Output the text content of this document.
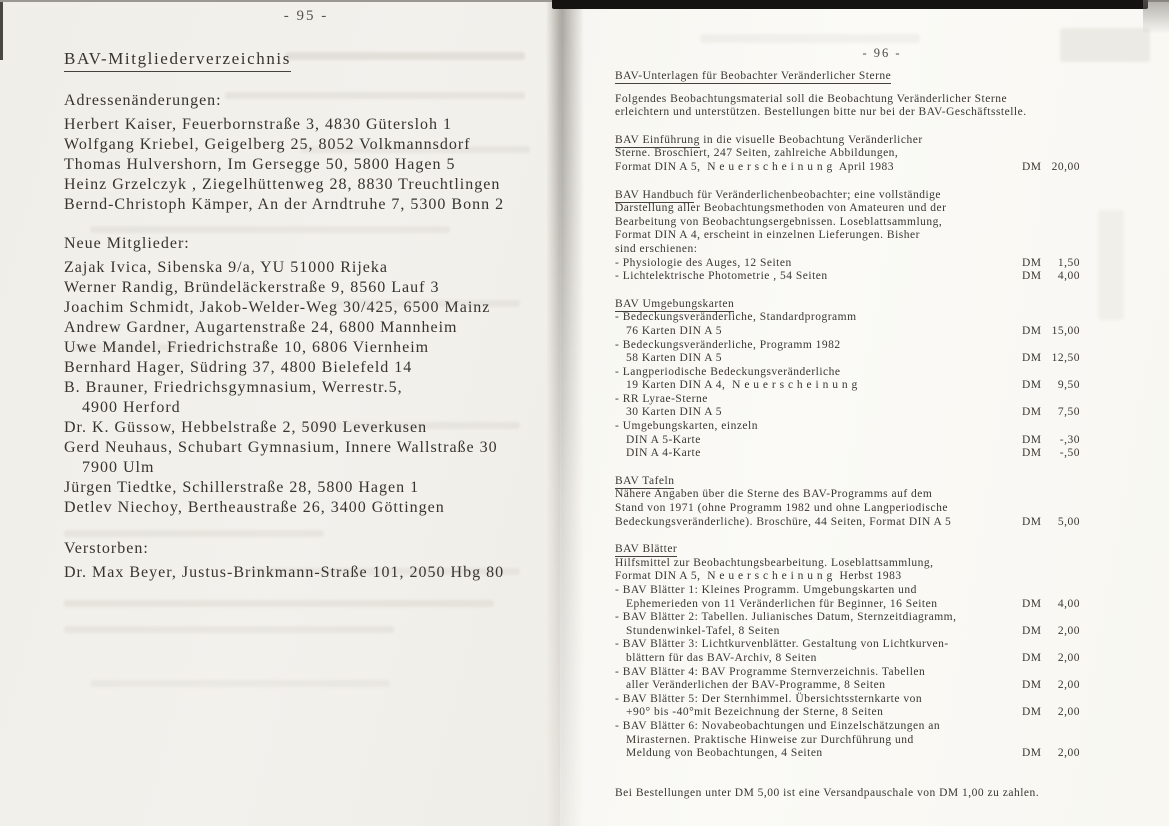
- 95 -
BAV-Mitgliederverzeichnis
Adressenänderungen:
Herbert Kaiser, Feuerbornstraße 3, 4830 Gütersloh 1
Wolfgang Kriebel, Geigelberg 25, 8052 Volkmannsdorf
Thomas Hulvershorn, Im Gersegge 50, 5800 Hagen 5
Heinz Grzelczyk , Ziegelhüttenweg 28, 8830 Treuchtlingen
Bernd-Christoph Kämper, An der Arndtruhe 7, 5300 Bonn 2
Neue Mitglieder:
Zajak Ivica, Sibenska 9/a, YU 51000 Rijeka
Werner Randig, Bründeläckerstraße 9, 8560 Lauf 3
Joachim Schmidt, Jakob-Welder-Weg 30/425, 6500 Mainz
Andrew Gardner, Augartenstraße 24, 6800 Mannheim
Uwe Mandel, Friedrichstraße 10, 6806 Viernheim
Bernhard Hager, Südring 37, 4800 Bielefeld 14
B. Brauner, Friedrichsgymnasium, Werrestr.5,
4900 Herford
Dr. K. Güssow, Hebbelstraße 2, 5090 Leverkusen
Gerd Neuhaus, Schubart Gymnasium, Innere Wallstraße 30
7900 Ulm
Jürgen Tiedtke, Schillerstraße 28, 5800 Hagen 1
Detlev Niechoy, Bertheaustraße 26, 3400 Göttingen
Verstorben:
Dr. Max Beyer, Justus-Brinkmann-Straße 101, 2050 Hbg 80
- 96 -
BAV-Unterlagen für Beobachter Veränderlicher Sterne
Folgendes Beobachtungsmaterial soll die Beobachtung Veränderlicher Sterne
erleichtern und unterstützen. Bestellungen bitte nur bei der BAV-Geschäftsstelle.
BAV Einführung in die visuelle Beobachtung Veränderlicher
Sterne. Broschiert, 247 Seiten, zahlreiche Abbildungen,
Format DIN A 5,  N e u e r s c h e i n u n g  April 1983	DM 20,00
BAV Handbuch für Veränderlichenbeobachter; eine vollständige
Darstellung aller Beobachtungsmethoden von Amateuren und der
Bearbeitung von Beobachtungsergebnissen. Loseblattsammlung,
Format DIN A 4, erscheint in einzelnen Lieferungen. Bisher
sind erschienen:
- Physiologie des Auges, 12 Seiten	DM 1,50
- Lichtelektrische Photometrie , 54 Seiten	DM 4,00
BAV Umgebungskarten
- Bedeckungsveränderliche, Standardprogramm
76 Karten DIN A 5	DM 15,00
- Bedeckungsveränderliche, Programm 1982
58 Karten DIN A 5	DM 12,50
- Langperiodische Bedeckungsveränderliche
19 Karten DIN A 4,  N e u e r s c h e i n u n g	DM 9,50
- RR Lyrae-Sterne
30 Karten DIN A 5	DM 7,50
- Umgebungskarten, einzeln
DIN A 5-Karte	DM -,30
DIN A 4-Karte	DM -,50
BAV Tafeln
Nähere Angaben über die Sterne des BAV-Programms auf dem
Stand von 1971 (ohne Programm 1982 und ohne Langperiodische
Bedeckungsveränderliche). Broschüre, 44 Seiten, Format DIN A 5	DM 5,00
BAV Blätter
Hilfsmittel zur Beobachtungsbearbeitung. Loseblattsammlung,
Format DIN A 5,  N e u e r s c h e i n u n g  Herbst 1983
- BAV Blätter 1: Kleines Programm. Umgebungskarten und
Ephemerieden von 11 Veränderlichen für Beginner, 16 Seiten	DM 4,00
- BAV Blätter 2: Tabellen. Julianisches Datum, Sternzeitdiagramm,
Stundenwinkel-Tafel, 8 Seiten	DM 2,00
- BAV Blätter 3: Lichtkurvenblätter. Gestaltung von Lichtkurven-
blättern für das BAV-Archiv, 8 Seiten	DM 2,00
- BAV Blätter 4: BAV Programme Sternverzeichnis. Tabellen
aller Veränderlichen der BAV-Programme, 8 Seiten	DM 2,00
- BAV Blätter 5: Der Sternhimmel. Übersichtssternkarte von
+90° bis -40°mit Bezeichnung der Sterne, 8 Seiten	DM 2,00
- BAV Blätter 6: Novabeobachtungen und Einzelschätzungen an
Mirasternen. Praktische Hinweise zur Durchführung und
Meldung von Beobachtungen, 4 Seiten	DM 2,00
Bei Bestellungen unter DM 5,00 ist eine Versandpauschale von DM 1,00 zu zahlen.
